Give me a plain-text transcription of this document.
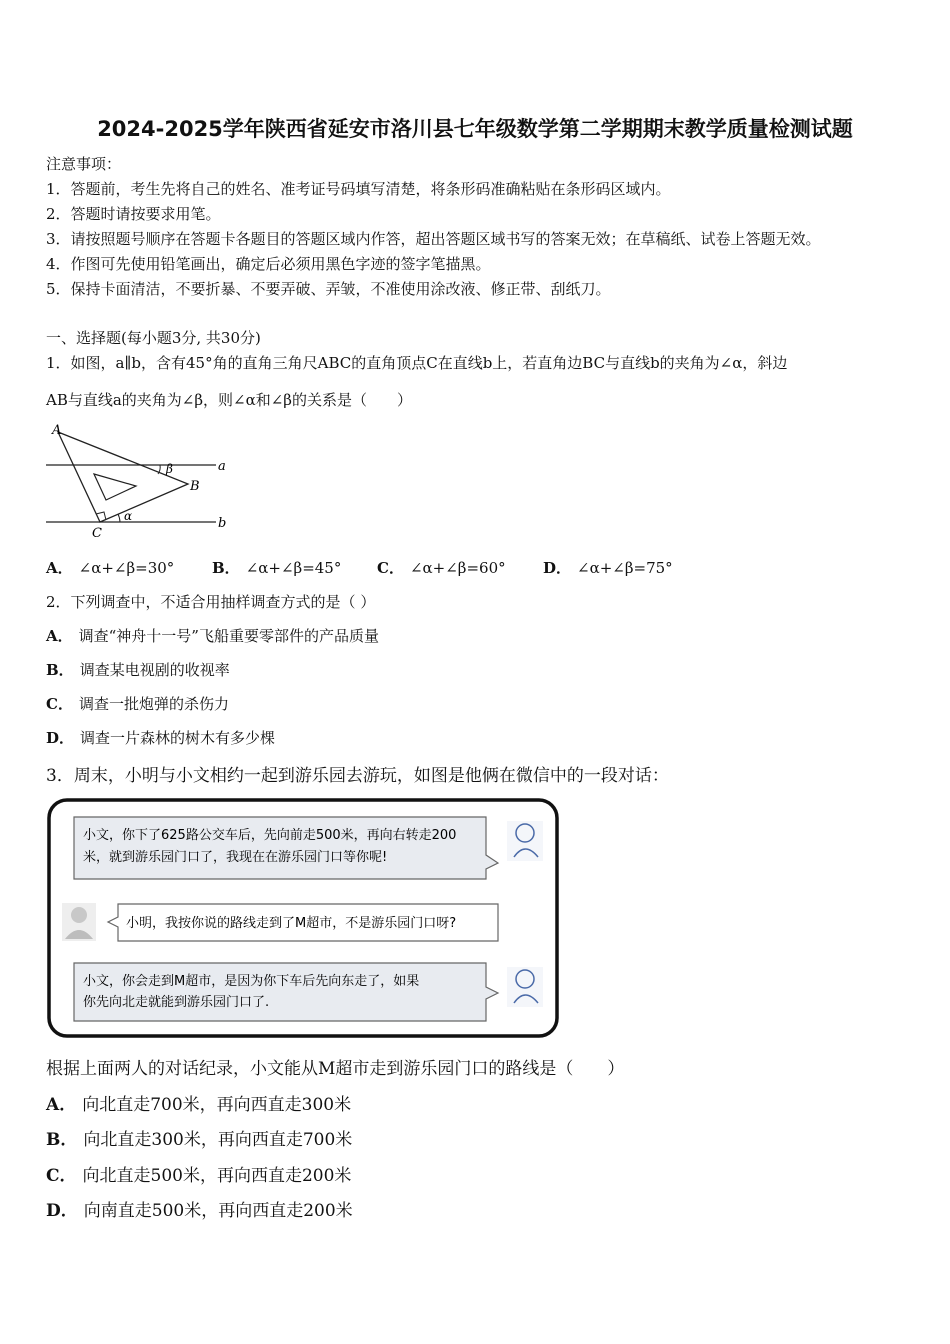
2024-2025学年陕西省延安市洛川县七年级数学第二学期期末教学质量检测试题
注意事项：
1．答题前，考生先将自己的姓名、准考证号码填写清楚，将条形码准确粘贴在条形码区域内。
2．答题时请按要求用笔。
3．请按照题号顺序在答题卡各题目的答题区域内作答，超出答题区域书写的答案无效；在草稿纸、试卷上答题无效。
4．作图可先使用铅笔画出，确定后必须用黑色字迹的签字笔描黑。
5．保持卡面清洁，不要折暴、不要弄破、弄皱，不准使用涂改液、修正带、刮纸刀。
一、选择题(每小题3分, 共30分)
1．如图，a∥b，含有45°角的直角三角尺ABC的直角顶点C在直线b上，若直角边BC与直线b的夹角为∠α，斜边
AB与直线a的夹角为∠β，则∠α和∠β的关系是（　　）
A
B
C
a
b
α
β
A． ∠α+∠β=30°	B． ∠α+∠β=45° C． ∠α+∠β=60° D． ∠α+∠β=75°
2．下列调查中，不适合用抽样调查方式的是（ ）
A． 调查“神舟十一号”飞船重要零部件的产品质量
B． 调查某电视剧的收视率
C． 调查一批炮弹的杀伤力
D． 调查一片森林的树木有多少棵
3．周末，小明与小文相约一起到游乐园去游玩，如图是他俩在微信中的一段对话：
小文，你下了625路公交车后，先向前走500米，再向右转走200
米，就到游乐园门口了，我现在在游乐园门口等你呢!
小明，我按你说的路线走到了M超市，不是游乐园门口呀?
小文，你会走到M超市，是因为你下车后先向东走了，如果
你先向北走就能到游乐园门口了.
根据上面两人的对话纪录，小文能从M超市走到游乐园门口的路线是（　　）
A． 向北直走700米，再向西直走300米
B． 向北直走300米，再向西直走700米
C． 向北直走500米，再向西直走200米
D． 向南直走500米，再向西直走200米
